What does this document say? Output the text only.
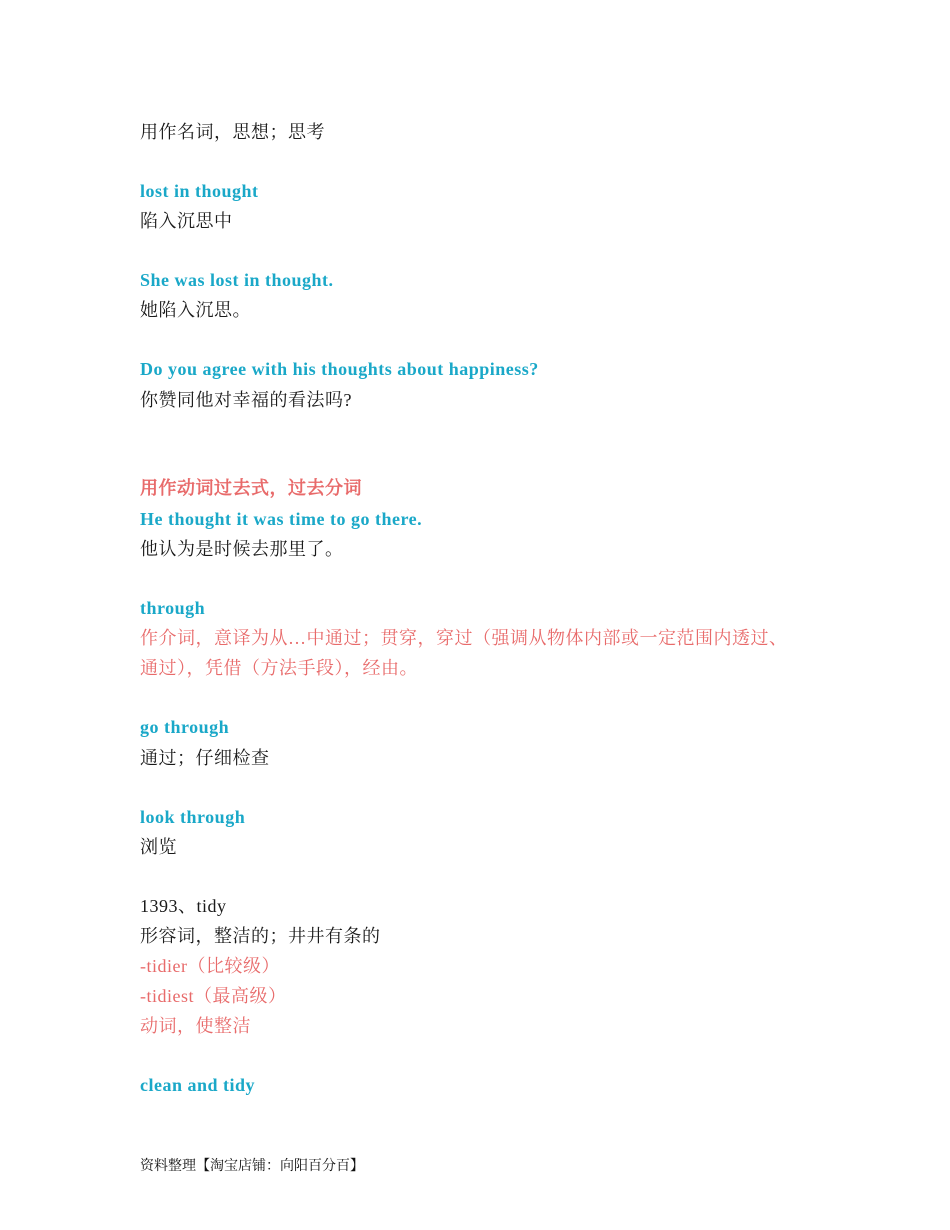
用作名词，思想；思考
lost in thought
陷入沉思中
She was lost in thought.
她陷入沉思。
Do you agree with his thoughts about happiness?
你赞同他对幸福的看法吗?
用作动词过去式，过去分词
He thought it was time to go there.
他认为是时候去那里了。
through
作介词，意译为从…中通过；贯穿，穿过（强调从物体内部或一定范围内透过、通过），凭借（方法手段），经由。
go through
通过；仔细检查
look through
浏览
1393、tidy
形容词，整洁的；井井有条的
-tidier（比较级）
-tidiest（最高级）
动词，使整洁
clean and tidy
资料整理【淘宝店铺：向阳百分百】
